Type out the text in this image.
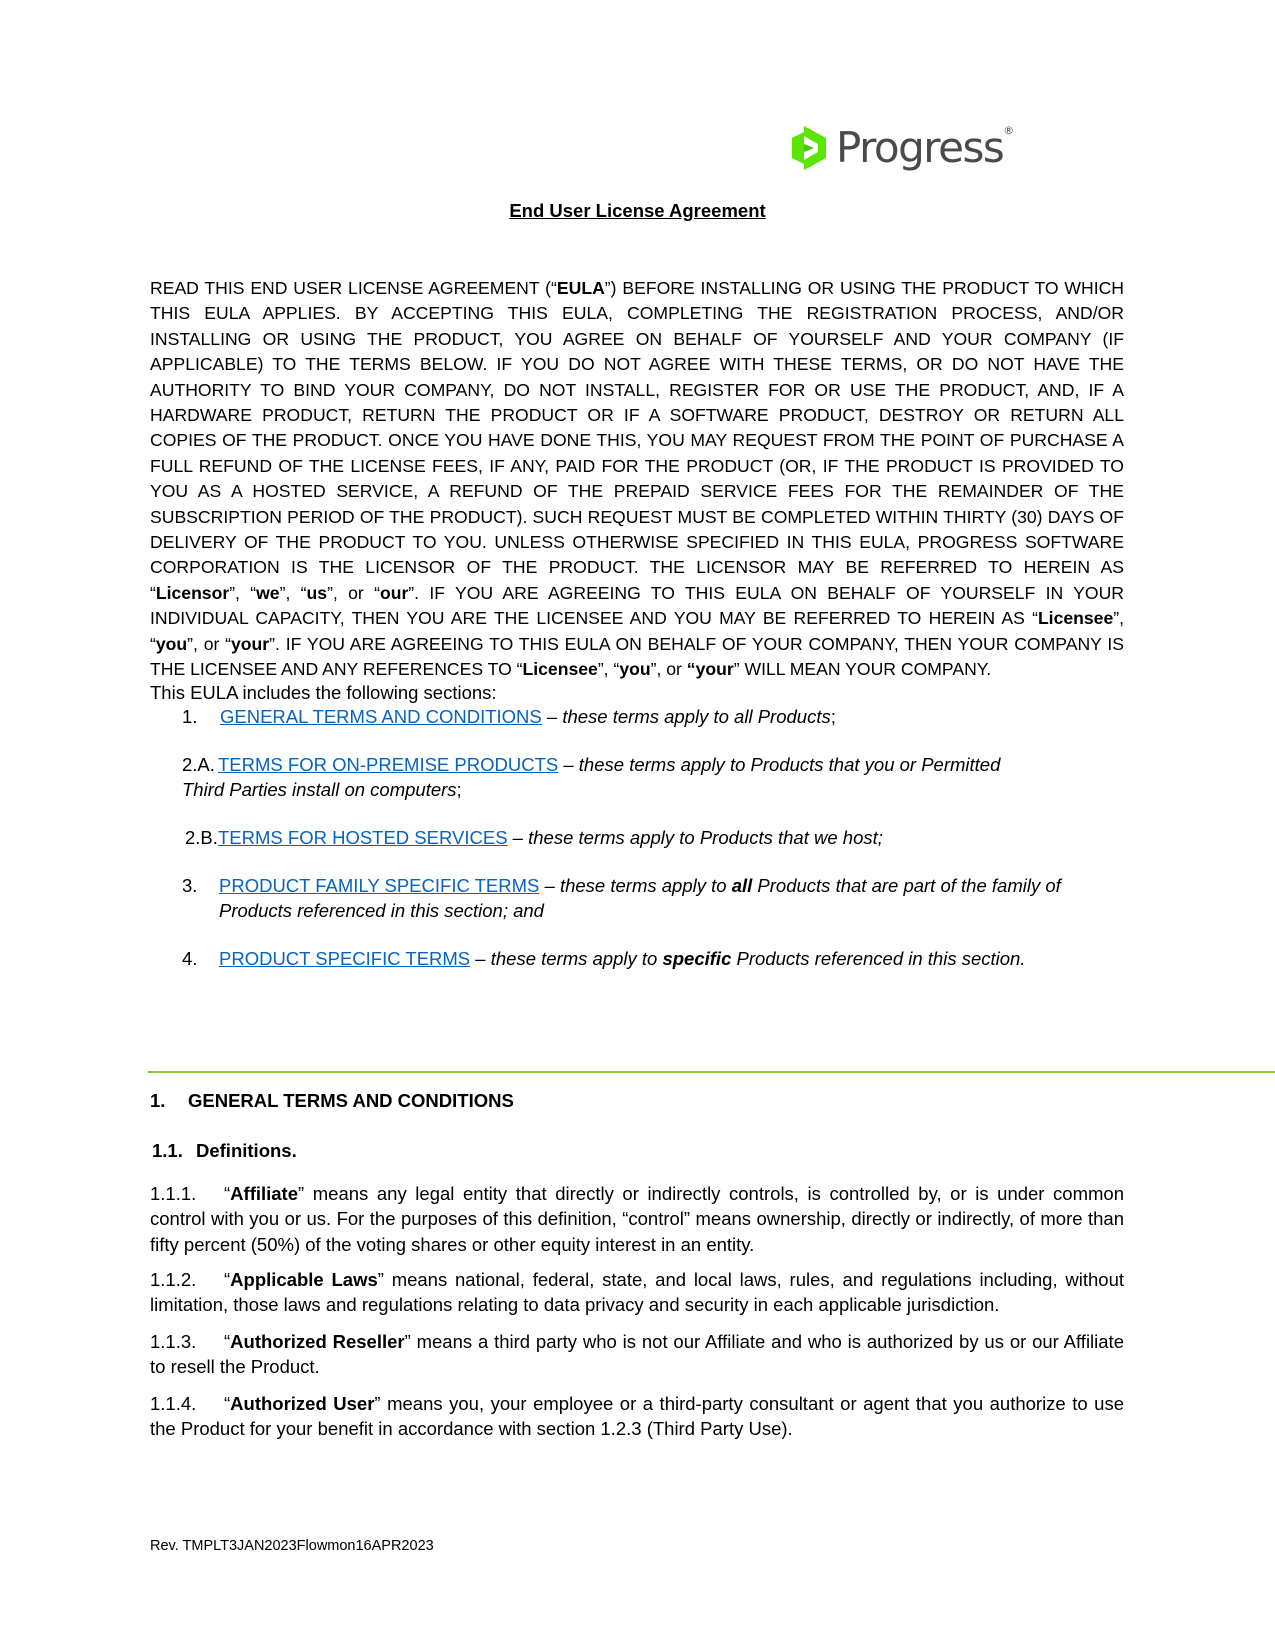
Progress®
End User License Agreement
READ THIS END USER LICENSE AGREEMENT (“EULA”) BEFORE INSTALLING OR USING THE PRODUCT TO WHICH THIS EULA APPLIES. BY ACCEPTING THIS EULA, COMPLETING THE REGISTRATION PROCESS, AND/OR INSTALLING OR USING THE PRODUCT, YOU AGREE ON BEHALF OF YOURSELF AND YOUR COMPANY (IF APPLICABLE) TO THE TERMS BELOW. IF YOU DO NOT AGREE WITH THESE TERMS, OR DO NOT HAVE THE AUTHORITY TO BIND YOUR COMPANY, DO NOT INSTALL, REGISTER FOR OR USE THE PRODUCT, AND, IF A HARDWARE PRODUCT, RETURN THE PRODUCT OR IF A SOFTWARE PRODUCT, DESTROY OR RETURN ALL COPIES OF THE PRODUCT. ONCE YOU HAVE DONE THIS, YOU MAY REQUEST FROM THE POINT OF PURCHASE A FULL REFUND OF THE LICENSE FEES, IF ANY, PAID FOR THE PRODUCT (OR, IF THE PRODUCT IS PROVIDED TO YOU AS A HOSTED SERVICE, A REFUND OF THE PREPAID SERVICE FEES FOR THE REMAINDER OF THE SUBSCRIPTION PERIOD OF THE PRODUCT). SUCH REQUEST MUST BE COMPLETED WITHIN THIRTY (30) DAYS OF DELIVERY OF THE PRODUCT TO YOU. UNLESS OTHERWISE SPECIFIED IN THIS EULA, PROGRESS SOFTWARE CORPORATION IS THE LICENSOR OF THE PRODUCT. THE LICENSOR MAY BE REFERRED TO HEREIN AS “Licensor”, “we”, “us”, or “our”. IF YOU ARE AGREEING TO THIS EULA ON BEHALF OF YOURSELF IN YOUR INDIVIDUAL CAPACITY, THEN YOU ARE THE LICENSEE AND YOU MAY BE REFERRED TO HEREIN AS “Licensee”, “you”, or “your”. IF YOU ARE AGREEING TO THIS EULA ON BEHALF OF YOUR COMPANY, THEN YOUR COMPANY IS THE LICENSEE AND ANY REFERENCES TO “Licensee”, “you”, or “your” WILL MEAN YOUR COMPANY.
This EULA includes the following sections:
1. GENERAL TERMS AND CONDITIONS – these terms apply to all Products;
2.A. TERMS FOR ON-PREMISE PRODUCTS – these terms apply to Products that you or Permitted Third Parties install on computers;
2.B.TERMS FOR HOSTED SERVICES – these terms apply to Products that we host;
3. PRODUCT FAMILY SPECIFIC TERMS – these terms apply to all Products that are part of the family of Products referenced in this section; and
4. PRODUCT SPECIFIC TERMS – these terms apply to specific Products referenced in this section.
1. GENERAL TERMS AND CONDITIONS
1.1. Definitions.
1.1.1. “Affiliate” means any legal entity that directly or indirectly controls, is controlled by, or is under common control with you or us. For the purposes of this definition, “control” means ownership, directly or indirectly, of more than fifty percent (50%) of the voting shares or other equity interest in an entity.
1.1.2. “Applicable Laws” means national, federal, state, and local laws, rules, and regulations including, without limitation, those laws and regulations relating to data privacy and security in each applicable jurisdiction.
1.1.3. “Authorized Reseller” means a third party who is not our Affiliate and who is authorized by us or our Affiliate to resell the Product.
1.1.4. “Authorized User” means you, your employee or a third-party consultant or agent that you authorize to use the Product for your benefit in accordance with section 1.2.3 (Third Party Use).
Rev. TMPLT3JAN2023Flowmon16APR2023
